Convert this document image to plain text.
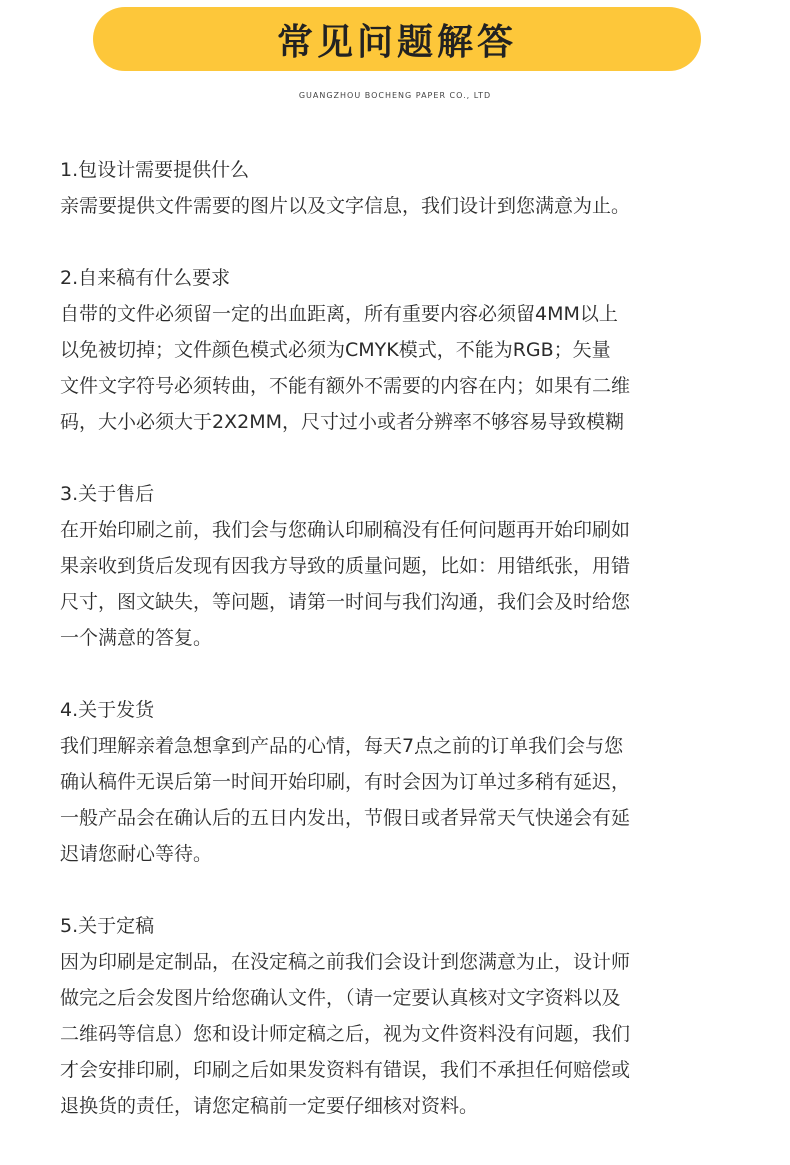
常见问题解答
GUANGZHOU BOCHENG PAPER CO., LTD
1.包设计需要提供什么
亲需要提供文件需要的图片以及文字信息，我们设计到您满意为止。
2.自来稿有什么要求
自带的文件必须留一定的出血距离，所有重要内容必须留4MM以上
以免被切掉；文件颜色模式必须为CMYK模式，不能为RGB；矢量
文件文字符号必须转曲，不能有额外不需要的内容在内；如果有二维
码，大小必须大于2X2MM，尺寸过小或者分辨率不够容易导致模糊
3.关于售后
在开始印刷之前，我们会与您确认印刷稿没有任何问题再开始印刷如
果亲收到货后发现有因我方导致的质量问题，比如：用错纸张，用错
尺寸，图文缺失，等问题，请第一时间与我们沟通，我们会及时给您
一个满意的答复。
4.关于发货
我们理解亲着急想拿到产品的心情，每天7点之前的订单我们会与您
确认稿件无误后第一时间开始印刷，有时会因为订单过多稍有延迟，
一般产品会在确认后的五日内发出，节假日或者异常天气快递会有延
迟请您耐心等待。
5.关于定稿
因为印刷是定制品，在没定稿之前我们会设计到您满意为止，设计师
做完之后会发图片给您确认文件，（请一定要认真核对文字资料以及
二维码等信息）您和设计师定稿之后，视为文件资料没有问题，我们
才会安排印刷，印刷之后如果发资料有错误，我们不承担任何赔偿或
退换货的责任，请您定稿前一定要仔细核对资料。
